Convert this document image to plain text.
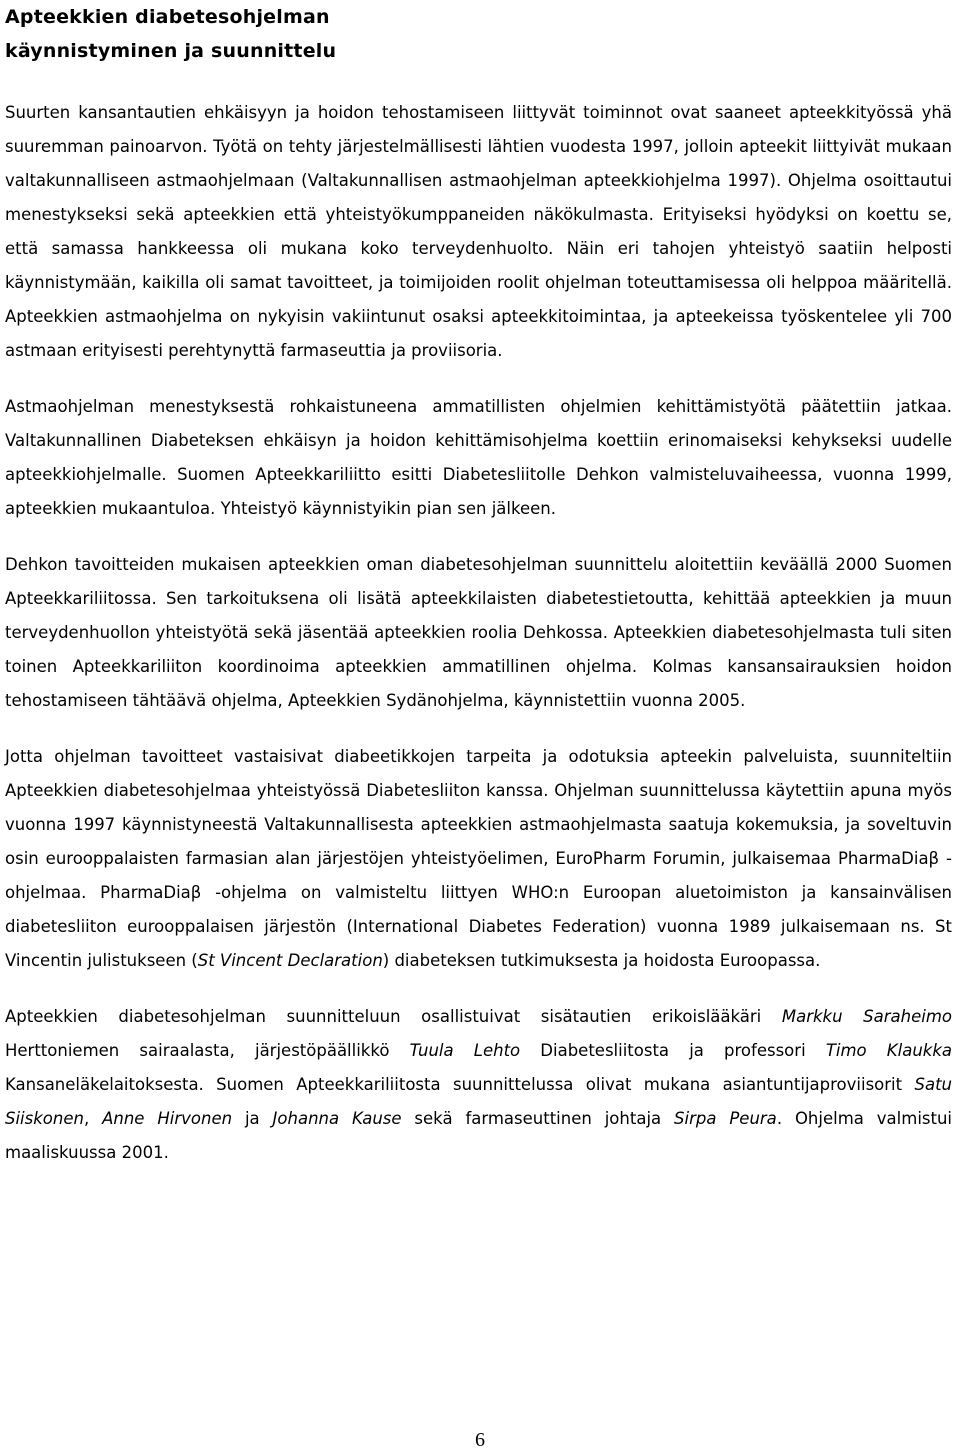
Apteekkien diabetesohjelman
käynnistyminen ja suunnittelu

Suurten kansantautien ehkäisyyn ja hoidon tehostamiseen liittyvät toiminnot ovat saaneet apteekkityössä yhä suuremman painoarvon. Työtä on tehty järjestelmällisesti lähtien vuodesta 1997, jolloin apteekit liittyivät mukaan valtakunnalliseen astmaohjelmaan (Valtakunnallisen astmaohjelman apteekkiohjelma 1997). Ohjelma osoittautui menestykseksi sekä apteekkien että yhteistyökumppaneiden näkökulmasta. Erityiseksi hyödyksi on koettu se, että samassa hankkeessa oli mukana koko terveydenhuolto. Näin eri tahojen yhteistyö saatiin helposti käynnistymään, kaikilla oli samat tavoitteet, ja toimijoiden roolit ohjelman toteuttamisessa oli helppoa määritellä. Apteekkien astmaohjelma on nykyisin vakiintunut osaksi apteekkitoimintaa, ja apteekeissa työskentelee yli 700 astmaan erityisesti perehtynyttä farmaseuttia ja proviisoria.

Astmaohjelman menestyksestä rohkaistuneena ammatillisten ohjelmien kehittämistyötä päätettiin jatkaa. Valtakunnallinen Diabeteksen ehkäisyn ja hoidon kehittämisohjelma koettiin erinomaiseksi kehykseksi uudelle apteekkiohjelmalle. Suomen Apteekkariliitto esitti Diabetesliitolle Dehkon valmisteluvaiheessa, vuonna 1999, apteekkien mukaantuloa. Yhteistyö käynnistyikin pian sen jälkeen.

Dehkon tavoitteiden mukaisen apteekkien oman diabetesohjelman suunnittelu aloitettiin keväällä 2000 Suomen Apteekkariliitossa. Sen tarkoituksena oli lisätä apteekkilaisten diabetestietoutta, kehittää apteekkien ja muun terveydenhuollon yhteistyötä sekä jäsentää apteekkien roolia Dehkossa. Apteekkien diabetesohjelmasta tuli siten toinen Apteekkariliiton koordinoima apteekkien ammatillinen ohjelma. Kolmas kansansairauksien hoidon tehostamiseen tähtäävä ohjelma, Apteekkien Sydänohjelma, käynnistettiin vuonna 2005.

Jotta ohjelman tavoitteet vastaisivat diabeetikkojen tarpeita ja odotuksia apteekin palveluista, suunniteltiin Apteekkien diabetesohjelmaa yhteistyössä Diabetesliiton kanssa. Ohjelman suunnittelussa käytettiin apuna myös vuonna 1997 käynnistyneestä Valtakunnallisesta apteekkien astmaohjelmasta saatuja kokemuksia, ja soveltuvin osin eurooppalaisten farmasian alan järjestöjen yhteistyöelimen, EuroPharm Forumin, julkaisemaa PharmaDiaβ -ohjelmaa. PharmaDiaβ -ohjelma on valmisteltu liittyen WHO:n Euroopan aluetoimiston ja kansainvälisen diabetesliiton eurooppalaisen järjestön (International Diabetes Federation) vuonna 1989 julkaisemaan ns. St Vincentin julistukseen (St Vincent Declaration) diabeteksen tutkimuksesta ja hoidosta Euroopassa.

Apteekkien diabetesohjelman suunnitteluun osallistuivat sisätautien erikoislääkäri Markku Saraheimo Herttoniemen sairaalasta, järjestöpäällikkö Tuula Lehto Diabetesliitosta ja professori Timo Klaukka Kansaneläkelaitoksesta. Suomen Apteekkariliitosta suunnittelussa olivat mukana asiantuntijaproviisorit Satu Siiskonen, Anne Hirvonen ja Johanna Kause sekä farmaseuttinen johtaja Sirpa Peura. Ohjelma valmistui maaliskuussa 2001.

6
